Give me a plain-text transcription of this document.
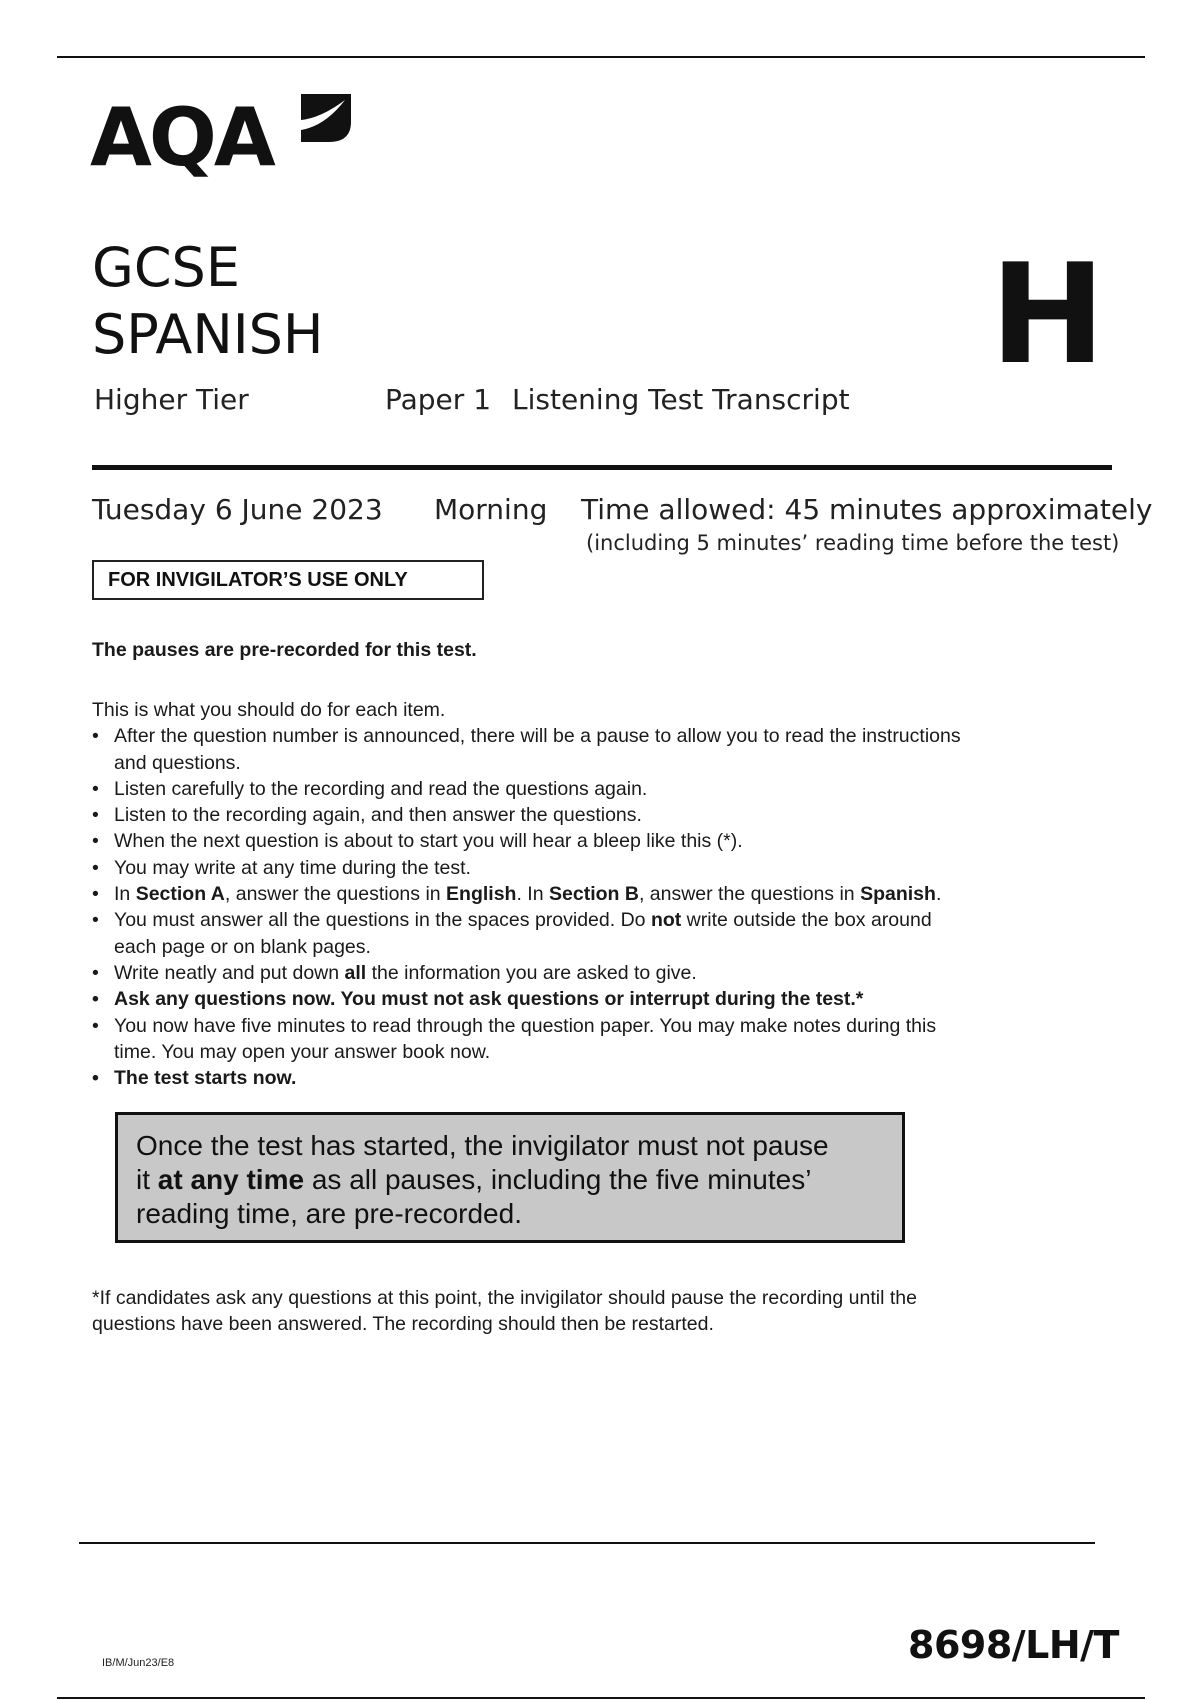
AQA
GCSE
SPANISH	H
Higher Tier	Paper 1 Listening Test Transcript
Tuesday 6 June 2023 Morning Time allowed: 45 minutes approximately
(including 5 minutes’ reading time before the test)
FOR INVIGILATOR’S USE ONLY
The pauses are pre-recorded for this test.
This is what you should do for each item.
• After the question number is announced, there will be a pause to allow you to read the instructions
and questions.
• Listen carefully to the recording and read the questions again.
• Listen to the recording again, and then answer the questions.
• When the next question is about to start you will hear a bleep like this (*).
• You may write at any time during the test.
• In Section A, answer the questions in English. In Section B, answer the questions in Spanish.
• You must answer all the questions in the spaces provided. Do not write outside the box around
each page or on blank pages.
• Write neatly and put down all the information you are asked to give.
• Ask any questions now. You must not ask questions or interrupt during the test.*
• You now have five minutes to read through the question paper. You may make notes during this
time. You may open your answer book now.
• The test starts now.
Once the test has started, the invigilator must not pause
it at any time as all pauses, including the five minutes’
reading time, are pre-recorded.
*If candidates ask any questions at this point, the invigilator should pause the recording until the
questions have been answered. The recording should then be restarted.
IB/M/Jun23/E8	8698/LH/T
